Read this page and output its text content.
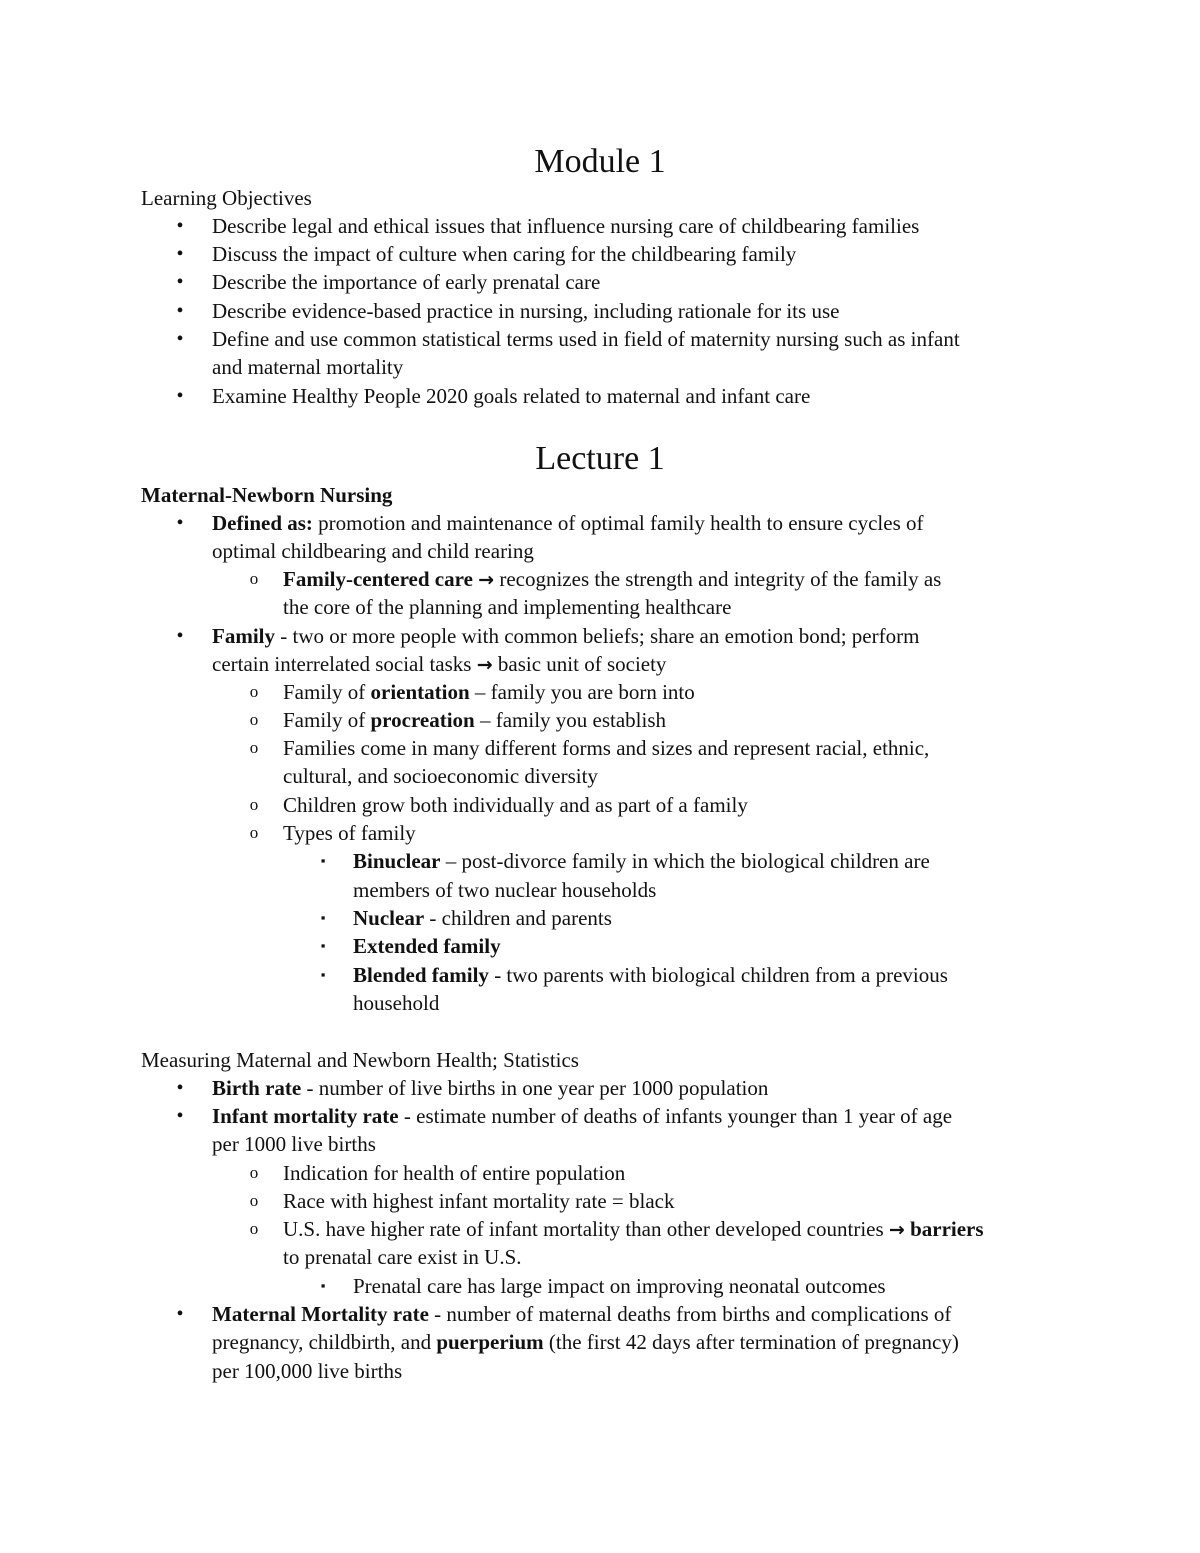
Module 1
Learning Objectives
•	Describe legal and ethical issues that influence nursing care of childbearing families
•	Discuss the impact of culture when caring for the childbearing family
•	Describe the importance of early prenatal care
•	Describe evidence-based practice in nursing, including rationale for its use
•	Define and use common statistical terms used in field of maternity nursing such as infant
and maternal mortality
•	Examine Healthy People 2020 goals related to maternal and infant care
Lecture 1
Maternal-Newborn Nursing
•	Defined as: promotion and maintenance of optimal family health to ensure cycles of
optimal childbearing and child rearing
o Family-centered care → recognizes the strength and integrity of the family as
the core of the planning and implementing healthcare
•	Family - two or more people with common beliefs; share an emotion bond; perform
certain interrelated social tasks → basic unit of society
o Family of orientation – family you are born into
o Family of procreation – family you establish
o Families come in many different forms and sizes and represent racial, ethnic,
cultural, and socioeconomic diversity
o Children grow both individually and as part of a family
o Types of family
▪	Binuclear – post-divorce family in which the biological children are
members of two nuclear households
▪	Nuclear - children and parents
▪	Extended family
▪	Blended family - two parents with biological children from a previous
household
Measuring Maternal and Newborn Health; Statistics
•	Birth rate - number of live births in one year per 1000 population
•	Infant mortality rate - estimate number of deaths of infants younger than 1 year of age
per 1000 live births
o Indication for health of entire population
o Race with highest infant mortality rate = black
o U.S. have higher rate of infant mortality than other developed countries → barriers
to prenatal care exist in U.S.
▪	Prenatal care has large impact on improving neonatal outcomes
•	Maternal Mortality rate - number of maternal deaths from births and complications of
pregnancy, childbirth, and puerperium (the first 42 days after termination of pregnancy)
per 100,000 live births
